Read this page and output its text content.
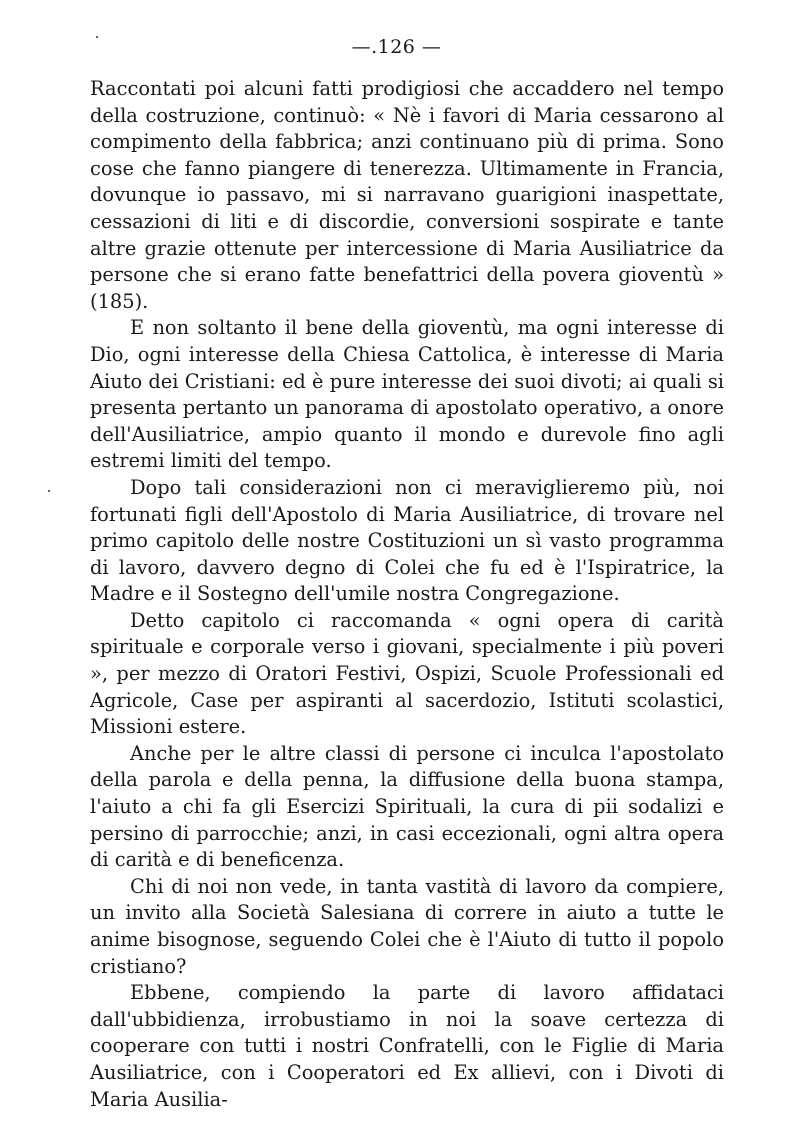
—.126 —

Raccontati poi alcuni fatti prodigiosi che accaddero nel tempo della costruzione, continuò: « Nè i favori di Maria cessarono al compimento della fabbrica; anzi continuano più di prima. Sono cose che fanno piangere di tenerezza. Ultimamente in Francia, dovunque io passavo, mi si narravano guarigioni inaspettate, cessazioni di liti e di discordie, conversioni sospirate e tante altre grazie ottenute per intercessione di Maria Ausiliatrice da persone che si erano fatte benefattrici della povera gioventù » (185).

E non soltanto il bene della gioventù, ma ogni interesse di Dio, ogni interesse della Chiesa Cattolica, è interesse di Maria Aiuto dei Cristiani: ed è pure interesse dei suoi divoti; ai quali si presenta pertanto un panorama di apostolato operativo, a onore dell'Ausiliatrice, ampio quanto il mondo e durevole fino agli estremi limiti del tempo.

Dopo tali considerazioni non ci meraviglieremo più, noi fortunati figli dell'Apostolo di Maria Ausiliatrice, di trovare nel primo capitolo delle nostre Costituzioni un sì vasto programma di lavoro, davvero degno di Colei che fu ed è l'Ispiratrice, la Madre e il Sostegno dell'umile nostra Congregazione.

Detto capitolo ci raccomanda « ogni opera di carità spirituale e corporale verso i giovani, specialmente i più poveri », per mezzo di Oratori Festivi, Ospizi, Scuole Professionali ed Agricole, Case per aspiranti al sacerdozio, Istituti scolastici, Missioni estere.

Anche per le altre classi di persone ci inculca l'apostolato della parola e della penna, la diffusione della buona stampa, l'aiuto a chi fa gli Esercizi Spirituali, la cura di pii sodalizi e persino di parrocchie; anzi, in casi eccezionali, ogni altra opera di carità e di beneficenza.

Chi di noi non vede, in tanta vastità di lavoro da compiere, un invito alla Società Salesiana di correre in aiuto a tutte le anime bisognose, seguendo Colei che è l'Aiuto di tutto il popolo cristiano?

Ebbene, compiendo la parte di lavoro affidataci dall'ubbidienza, irrobustiamo in noi la soave certezza di cooperare con tutti i nostri Confratelli, con le Figlie di Maria Ausiliatrice, con i Cooperatori ed Ex allievi, con i Divoti di Maria Ausilia-
